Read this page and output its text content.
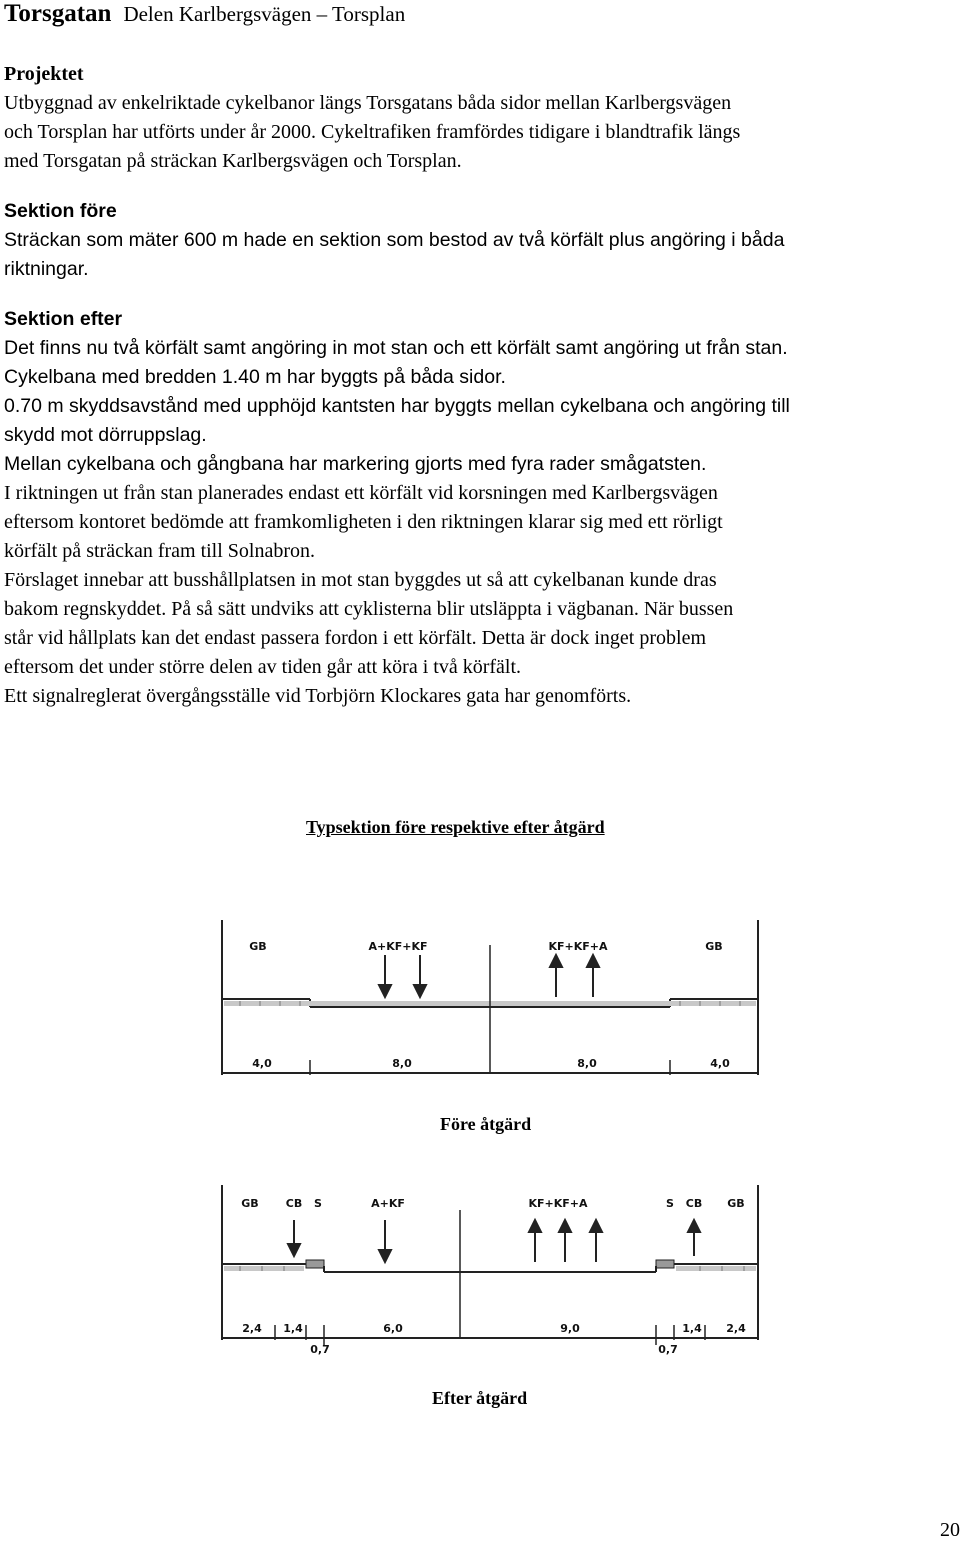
Torsgatan Delen Karlbergsvägen – Torsplan
Projektet
Utbyggnad av enkelriktade cykelbanor längs Torsgatans båda sidor mellan Karlbergsvägen
och Torsplan har utförts under år 2000. Cykeltrafiken framfördes tidigare i blandtrafik längs
med Torsgatan på sträckan Karlbergsvägen och Torsplan.
Sektion före
Sträckan som mäter 600 m hade en sektion som bestod av två körfält plus angöring i båda
riktningar.
Sektion efter
Det finns nu två körfält samt angöring in mot stan och ett körfält samt angöring ut från stan.
Cykelbana med bredden 1.40 m har byggts på båda sidor.
0.70 m skyddsavstånd med upphöjd kantsten har byggts mellan cykelbana och angöring till
skydd mot dörruppslag.
Mellan cykelbana och gångbana har markering gjorts med fyra rader smågatsten.
I riktningen ut från stan planerades endast ett körfält vid korsningen med Karlbergsvägen
eftersom kontoret bedömde att framkomligheten i den riktningen klarar sig med ett rörligt
körfält på sträckan fram till Solnabron.
Förslaget innebar att busshållplatsen in mot stan byggdes ut så att cykelbanan kunde dras
bakom regnskyddet. På så sätt undviks att cyklisterna blir utsläppta i vägbanan. När bussen
står vid hållplats kan det endast passera fordon i ett körfält. Detta är dock inget problem
eftersom det under större delen av tiden går att köra i två körfält.
Ett signalreglerat övergångsställe vid Torbjörn Klockares gata har genomförts.
Typsektion före respektive efter åtgärd
GB	A+KF+KF	KF+KF+A	GB
4,0	8,0	8,0	4,0
Före åtgärd
GB CB S	A+KF	KF+KF+A	S CB GB
2,4 1,4	6,0	9,0	1,4 2,4
0,7	0,7
Efter åtgärd
20
